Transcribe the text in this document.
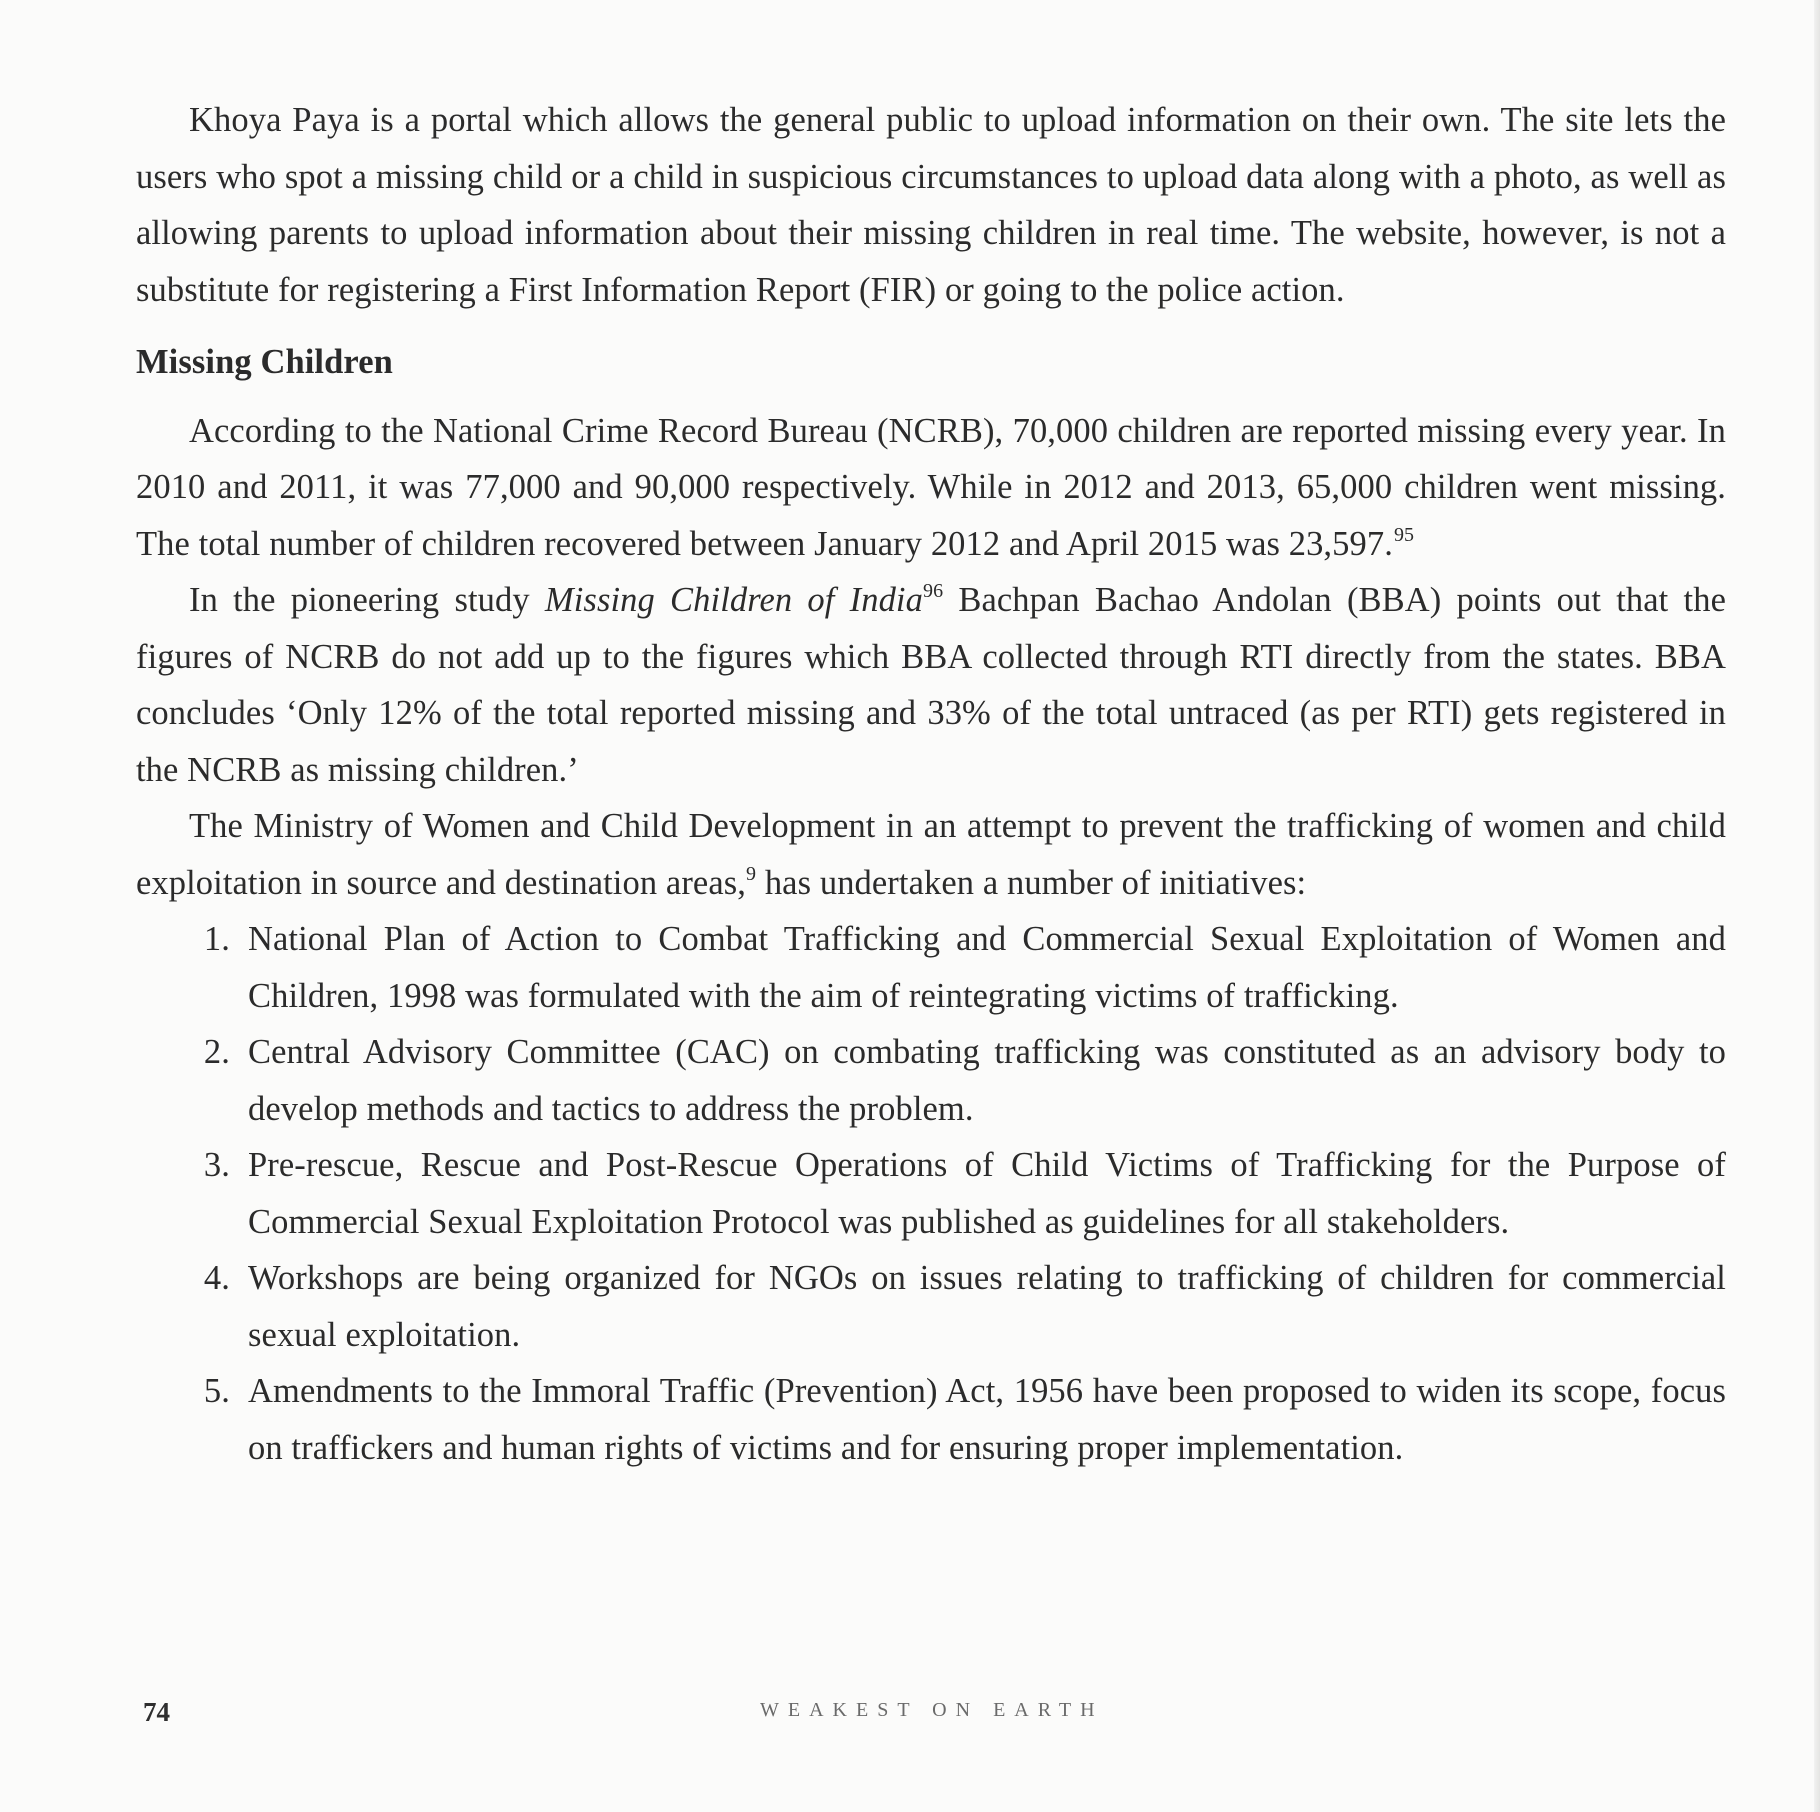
Khoya Paya is a portal which allows the general public to upload information on their own. The site lets the users who spot a missing child or a child in suspicious circumstances to upload data along with a photo, as well as allowing parents to upload information about their missing children in real time. The website, however, is not a substitute for registering a First Information Report (FIR) or going to the police action.

Missing Children

According to the National Crime Record Bureau (NCRB), 70,000 children are reported missing every year. In 2010 and 2011, it was 77,000 and 90,000 respectively. While in 2012 and 2013, 65,000 children went missing. The total number of children recovered between January 2012 and April 2015 was 23,597.95

In the pioneering study Missing Children of India$^{96}$ Bachpan Bachao Andolan (BBA) points out that the figures of NCRB do not add up to the figures which BBA collected through RTI directly from the states. BBA concludes ‘Only 12% of the total reported missing and 33% of the total untraced (as per RTI) gets registered in the NCRB as missing children.’

The Ministry of Women and Child Development in an attempt to prevent the trafficking of women and child exploitation in source and destination areas,$^9$ has undertaken a number of initiatives:

1. National Plan of Action to Combat Trafficking and Commercial Sexual Exploitation of Women and Children, 1998 was formulated with the aim of reintegrating victims of trafficking.
2. Central Advisory Committee (CAC) on combating trafficking was constituted as an advisory body to develop methods and tactics to address the problem.
3. Pre-rescue, Rescue and Post-Rescue Operations of Child Victims of Trafficking for the Purpose of Commercial Sexual Exploitation Protocol was published as guidelines for all stakeholders.
4. Workshops are being organized for NGOs on issues relating to trafficking of children for commercial sexual exploitation.
5. Amendments to the Immoral Traffic (Prevention) Act, 1956 have been proposed to widen its scope, focus on traffickers and human rights of victims and for ensuring proper implementation.
74	WEAKEST ON EARTH
